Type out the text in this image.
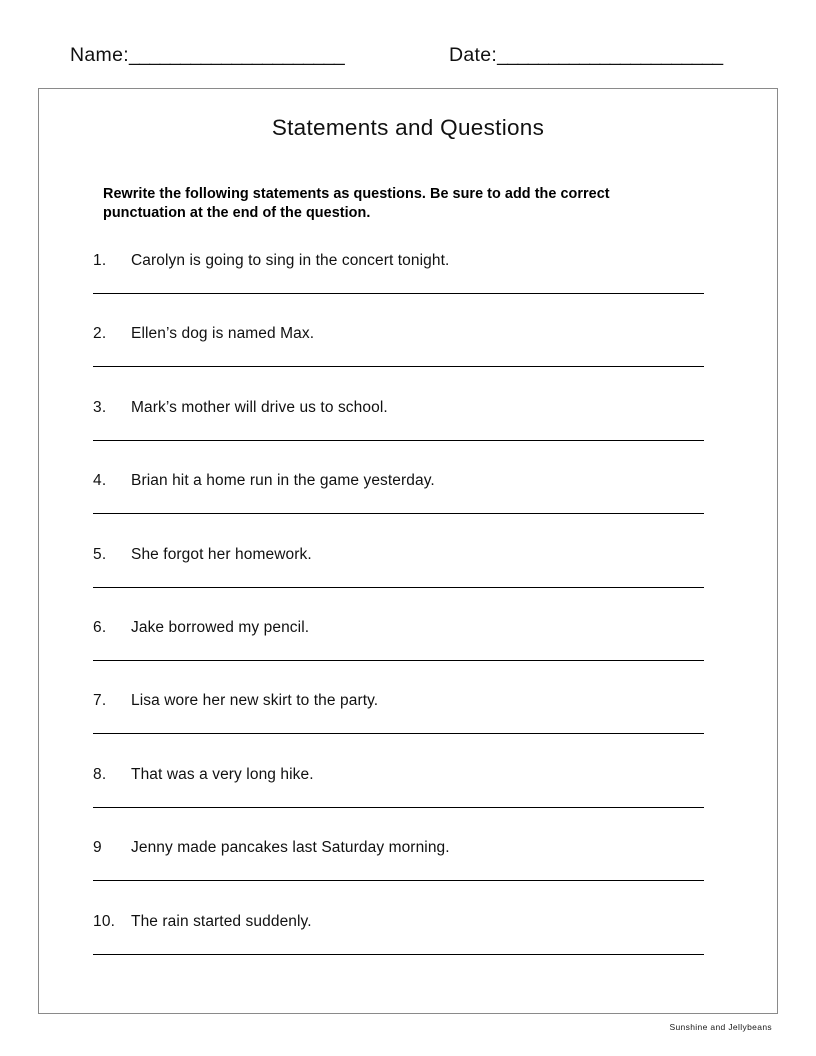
Name:_____________________	Date:______________________
Statements and Questions
Rewrite the following statements as questions. Be sure to add the correct punctuation at the end of the question.
1.	Carolyn is going to sing in the concert tonight.
2.	Ellen’s dog is named Max.
3.	Mark’s mother will drive us to school.
4.	Brian hit a home run in the game yesterday.
5.	She forgot her homework.
6.	Jake borrowed my pencil.
7.	Lisa wore her new skirt to the party.
8.	That was a very long hike.
9	Jenny made pancakes last Saturday morning.
10.	The rain started suddenly.
Sunshine and Jellybeans
